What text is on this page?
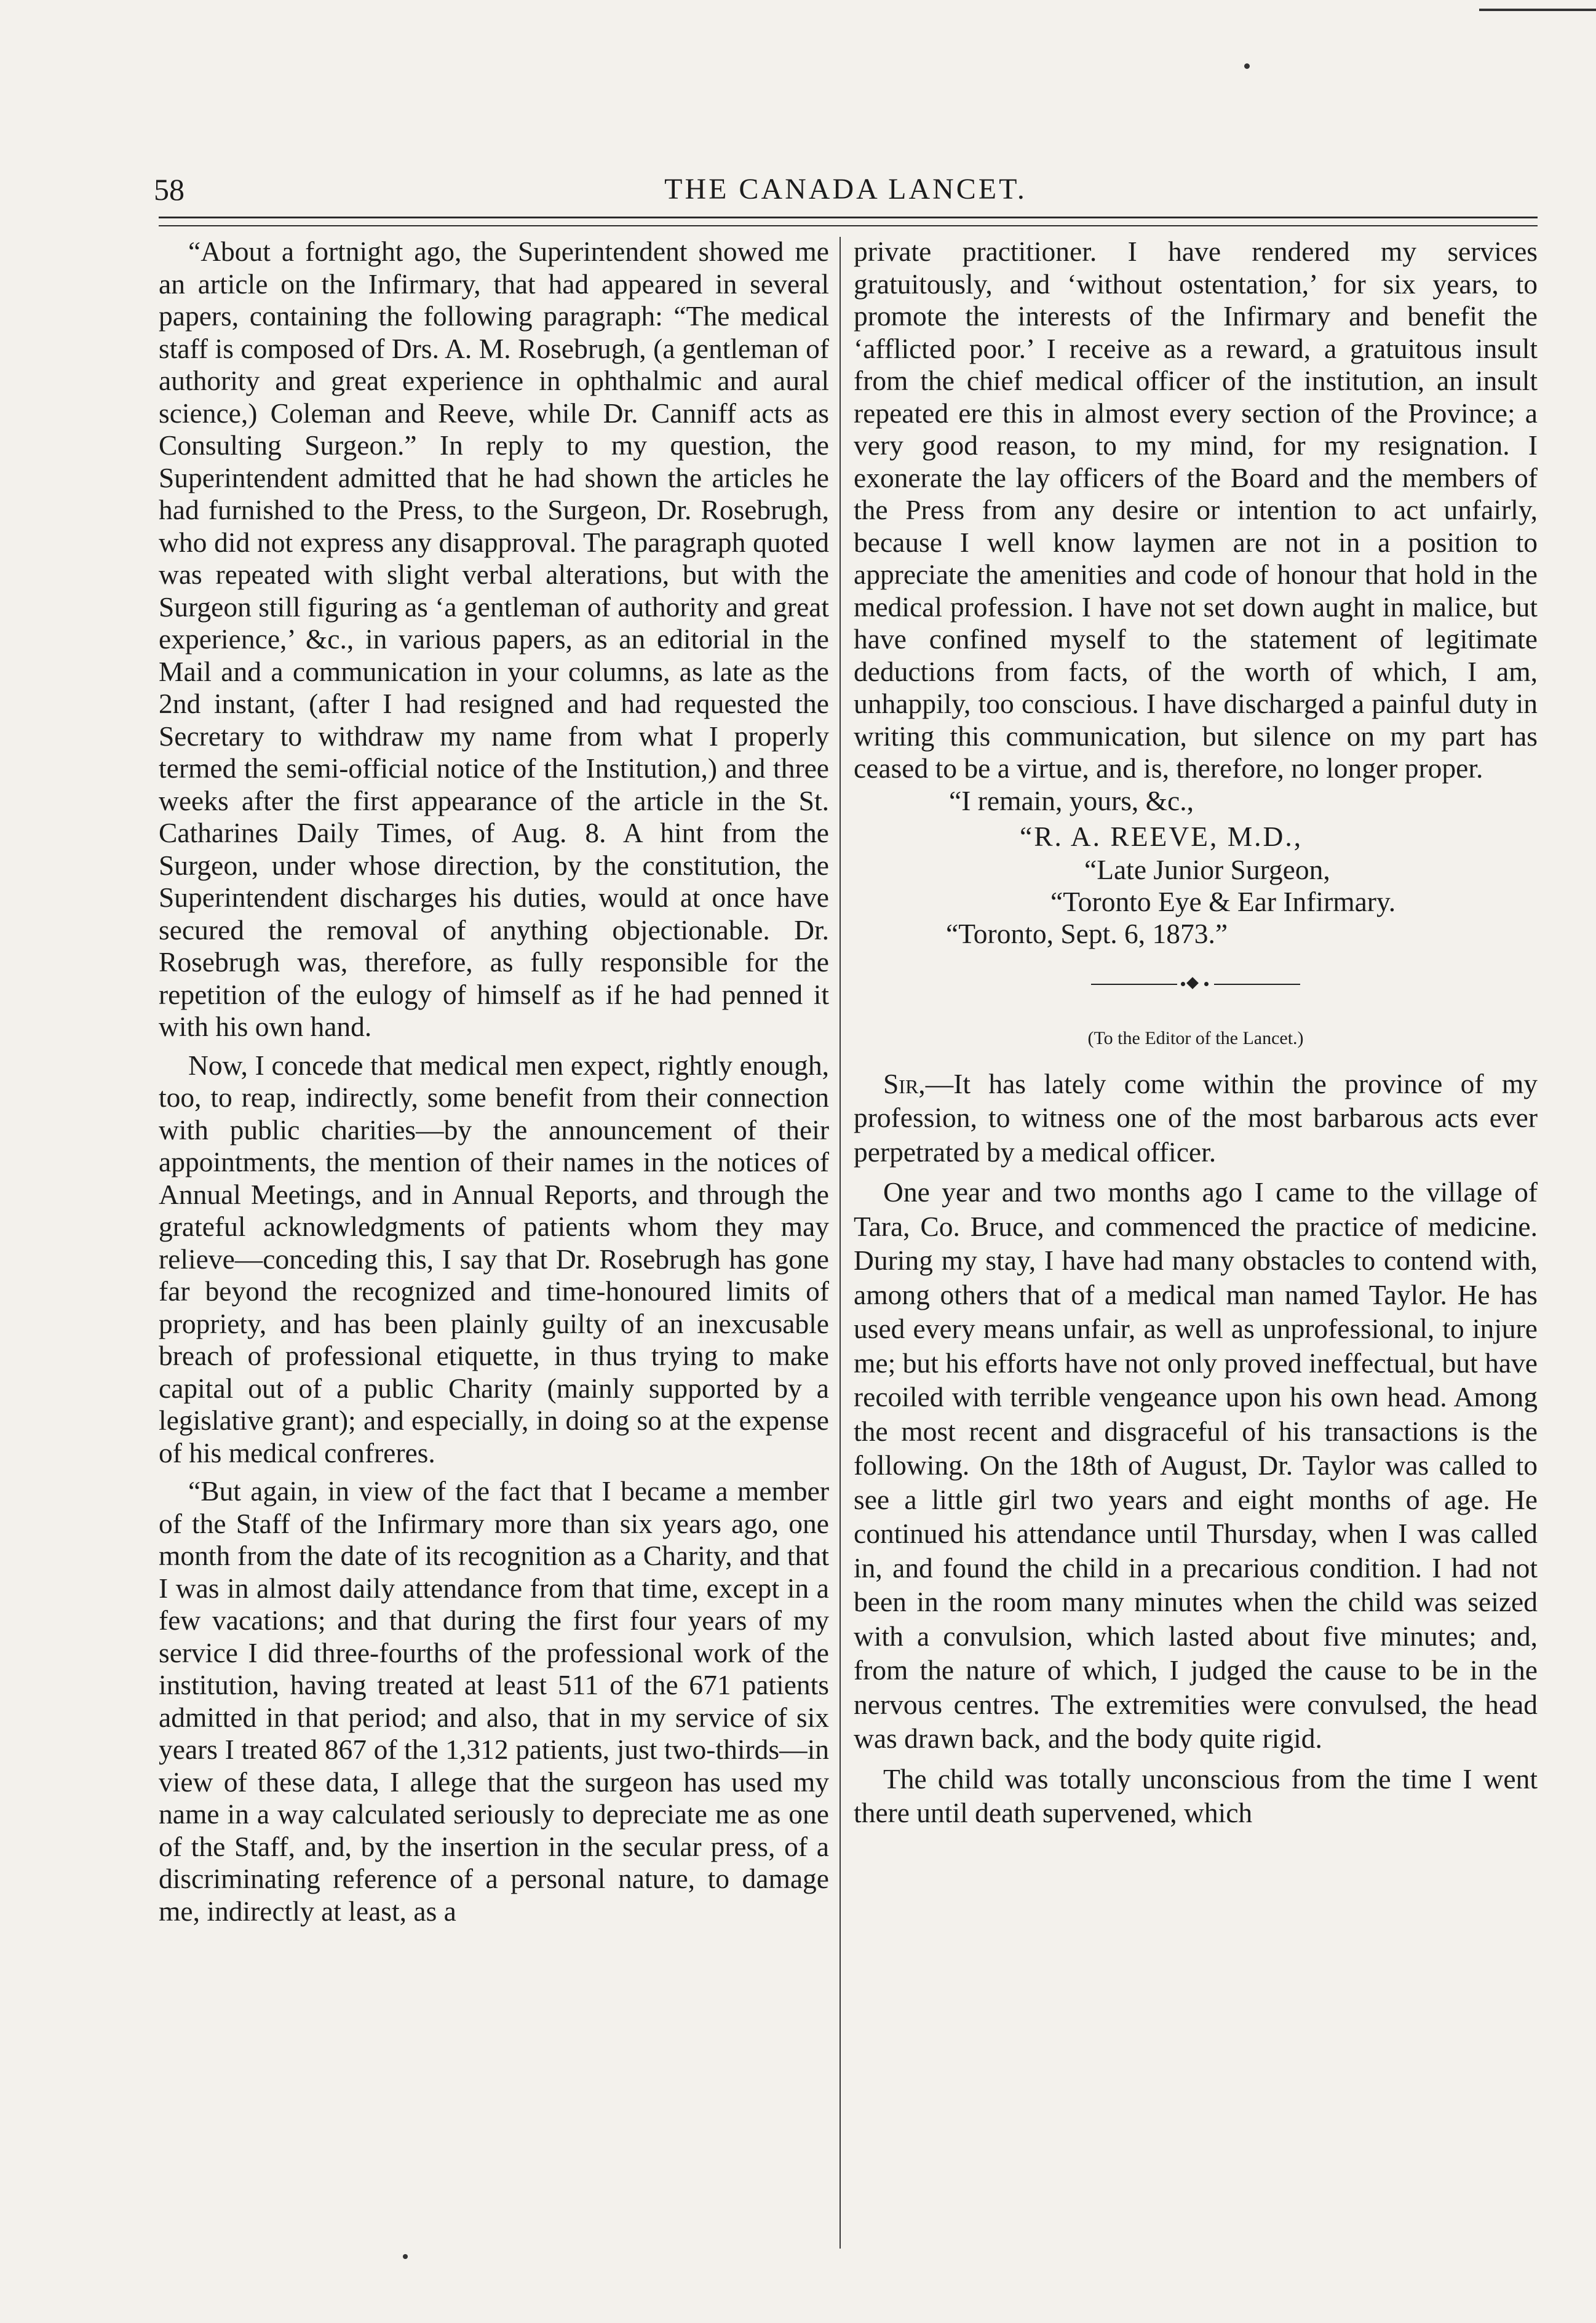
58	THE CANADA LANCET.

“About a fortnight ago, the Superintendent showed me an article on the Infirmary, that had appeared in several papers, containing the following paragraph: “The medical staff is composed of Drs. A. M. Rosebrugh, (a gentleman of authority and great experience in ophthalmic and aural science,) Coleman and Reeve, while Dr. Canniff acts as Consulting Surgeon.” In reply to my question, the Superintendent admitted that he had shown the articles he had furnished to the Press, to the Surgeon, Dr. Rosebrugh, who did not express any disapproval. The paragraph quoted was repeated with slight verbal alterations, but with the Surgeon still figuring as ‘a gentleman of authority and great experience,’ &c., in various papers, as an editorial in the Mail and a communication in your columns, as late as the 2nd instant, (after I had resigned and had requested the Secretary to withdraw my name from what I properly termed the semi-official notice of the Institution,) and three weeks after the first appearance of the article in the St. Catharines Daily Times, of Aug. 8. A hint from the Surgeon, under whose direction, by the constitution, the Superintendent discharges his duties, would at once have secured the removal of anything objectionable. Dr. Rosebrugh was, therefore, as fully responsible for the repetition of the eulogy of himself as if he had penned it with his own hand.

Now, I concede that medical men expect, rightly enough, too, to reap, indirectly, some benefit from their connection with public charities—by the announcement of their appointments, the mention of their names in the notices of Annual Meetings, and in Annual Reports, and through the grateful acknowledgments of patients whom they may relieve—conceding this, I say that Dr. Rosebrugh has gone far beyond the recognized and time-honoured limits of propriety, and has been plainly guilty of an inexcusable breach of professional etiquette, in thus trying to make capital out of a public Charity (mainly supported by a legislative grant); and especially, in doing so at the expense of his medical confreres.

“But again, in view of the fact that I became a member of the Staff of the Infirmary more than six years ago, one month from the date of its recognition as a Charity, and that I was in almost daily attendance from that time, except in a few vacations; and that during the first four years of my service I did three-fourths of the professional work of the institution, having treated at least 511 of the 671 patients admitted in that period; and also, that in my service of six years I treated 867 of the 1,312 patients, just two-thirds—in view of these data, I allege that the surgeon has used my name in a way calculated seriously to depreciate me as one of the Staff, and, by the insertion in the secular press, of a discriminating reference of a personal nature, to damage me, indirectly at least, as a

private practitioner. I have rendered my services gratuitously, and ‘without ostentation,’ for six years, to promote the interests of the Infirmary and benefit the ‘afflicted poor.’ I receive as a reward, a gratuitous insult from the chief medical officer of the institution, an insult repeated ere this in almost every section of the Province; a very good reason, to my mind, for my resignation. I exonerate the lay officers of the Board and the members of the Press from any desire or intention to act unfairly, because I well know laymen are not in a position to appreciate the amenities and code of honour that hold in the medical profession. I have not set down aught in malice, but have confined myself to the statement of legitimate deductions from facts, of the worth of which, I am, unhappily, too conscious. I have discharged a painful duty in writing this communication, but silence on my part has ceased to be a virtue, and is, therefore, no longer proper.

“I remain, yours, &c.,

“R. A. REEVE, M.D.,

“Late Junior Surgeon,

“Toronto Eye & Ear Infirmary.

“Toronto, Sept. 6, 1873.”

(To the Editor of the Lancet.)

Sir,—It has lately come within the province of my profession, to witness one of the most barbarous acts ever perpetrated by a medical officer.

One year and two months ago I came to the village of Tara, Co. Bruce, and commenced the practice of medicine. During my stay, I have had many obstacles to contend with, among others that of a medical man named Taylor. He has used every means unfair, as well as unprofessional, to injure me; but his efforts have not only proved ineffectual, but have recoiled with terrible vengeance upon his own head. Among the most recent and disgraceful of his transactions is the following. On the 18th of August, Dr. Taylor was called to see a little girl two years and eight months of age. He continued his attendance until Thursday, when I was called in, and found the child in a precarious condition. I had not been in the room many minutes when the child was seized with a convulsion, which lasted about five minutes; and, from the nature of which, I judged the cause to be in the nervous centres. The extremities were convulsed, the head was drawn back, and the body quite rigid.

The child was totally unconscious from the time I went there until death supervened, which
